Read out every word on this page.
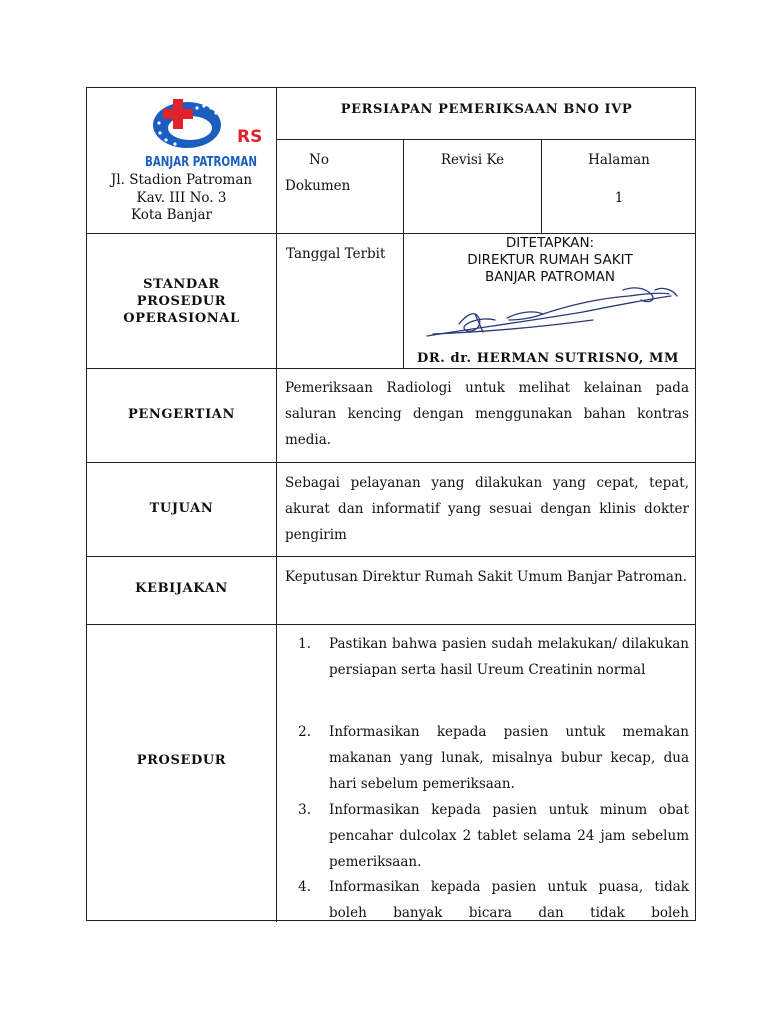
RS
BANJAR PATROMAN
Jl. Stadion Patroman
Kav. III No. 3
Kota Banjar
PERSIAPAN PEMERIKSAAN BNO IVP
No
Dokumen
Revisi Ke	Halaman
1
STANDAR
PROSEDUR
OPERASIONAL
Tanggal Terbit
DITETAPKAN:
DIREKTUR RUMAH SAKIT
BANJAR PATROMAN
DR. dr. HERMAN SUTRISNO, MM
PENGERTIAN
Pemeriksaan Radiologi untuk melihat kelainan pada saluran kencing dengan menggunakan bahan kontras media.
TUJUAN
Sebagai pelayanan yang dilakukan yang cepat, tepat, akurat dan informatif yang sesuai dengan klinis dokter pengirim
KEBIJAKAN
Keputusan Direktur Rumah Sakit Umum Banjar Patroman.
PROSEDUR
1. Pastikan bahwa pasien sudah melakukan/ dilakukan persiapan serta hasil Ureum Creatinin normal
2. Informasikan kepada pasien untuk memakan makanan yang lunak, misalnya bubur kecap, dua hari sebelum pemeriksaan.
3. Informasikan kepada pasien untuk minum obat pencahar dulcolax 2 tablet selama 24 jam sebelum pemeriksaan.
4. Informasikan kepada pasien untuk puasa, tidak boleh banyak bicara dan tidak boleh
